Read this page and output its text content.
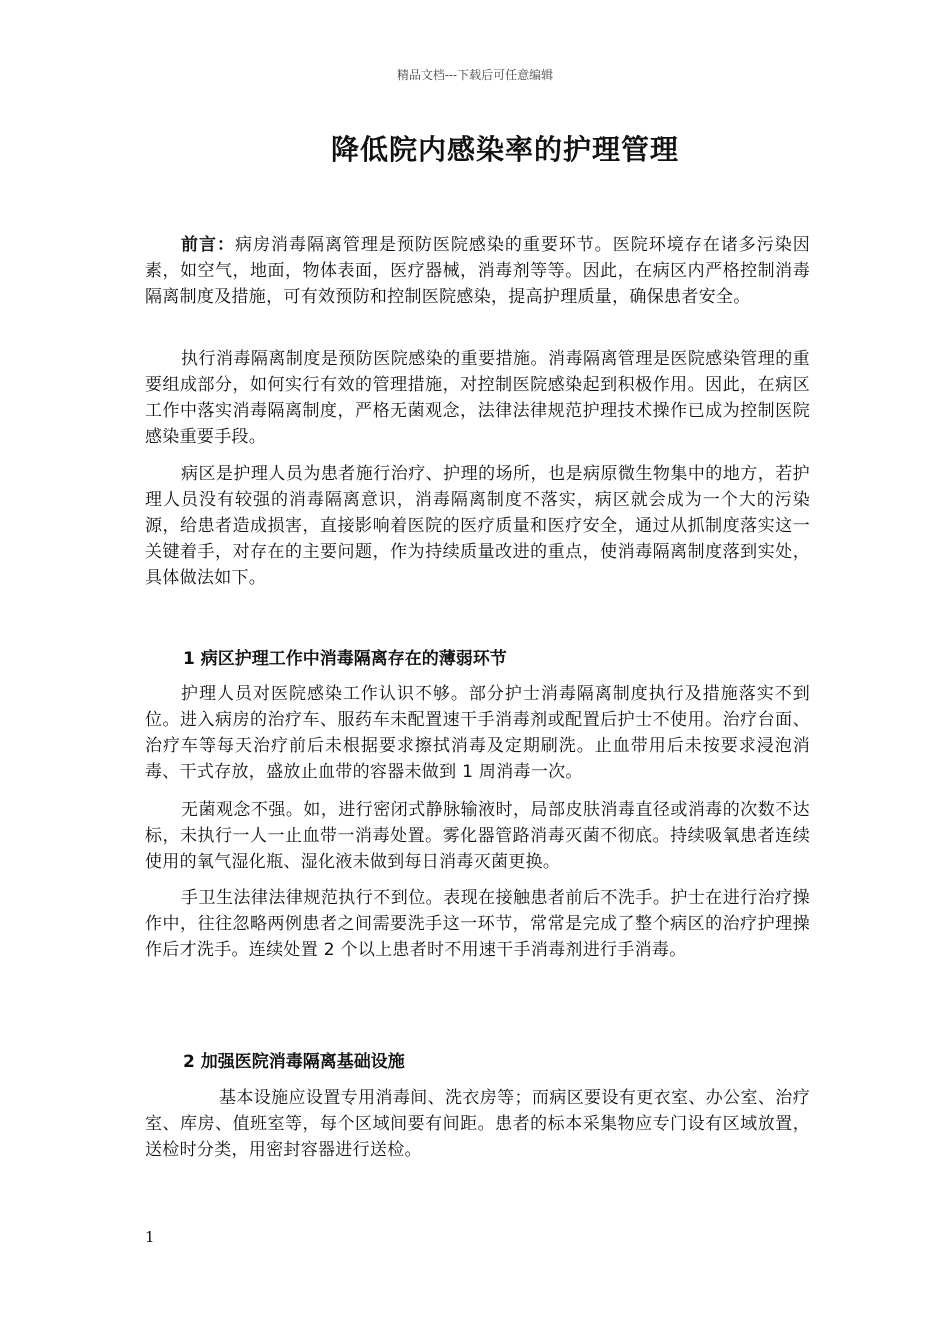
精品文档---下载后可任意编辑
降低院内感染率的护理管理

前言：病房消毒隔离管理是预防医院感染的重要环节。医院环境存在诸多污染因素，如空气，地面，物体表面，医疗器械，消毒剂等等。因此，在病区内严格控制消毒隔离制度及措施，可有效预防和控制医院感染，提高护理质量，确保患者安全。

执行消毒隔离制度是预防医院感染的重要措施。消毒隔离管理是医院感染管理的重要组成部分，如何实行有效的管理措施，对控制医院感染起到积极作用。因此，在病区工作中落实消毒隔离制度，严格无菌观念，法律法律规范护理技术操作已成为控制医院感染重要手段。

病区是护理人员为患者施行治疗、护理的场所，也是病原微生物集中的地方，若护理人员没有较强的消毒隔离意识，消毒隔离制度不落实，病区就会成为一个大的污染源，给患者造成损害，直接影响着医院的医疗质量和医疗安全，通过从抓制度落实这一关键着手，对存在的主要问题，作为持续质量改进的重点，使消毒隔离制度落到实处，具体做法如下。

1 病区护理工作中消毒隔离存在的薄弱环节

护理人员对医院感染工作认识不够。部分护士消毒隔离制度执行及措施落实不到位。进入病房的治疗车、服药车未配置速干手消毒剂或配置后护士不使用。治疗台面、治疗车等每天治疗前后未根据要求擦拭消毒及定期刷洗。止血带用后未按要求浸泡消毒、干式存放，盛放止血带的容器未做到 1 周消毒一次。

无菌观念不强。如，进行密闭式静脉输液时，局部皮肤消毒直径或消毒的次数不达标，未执行一人一止血带一消毒处置。雾化器管路消毒灭菌不彻底。持续吸氧患者连续使用的氧气湿化瓶、湿化液未做到每日消毒灭菌更换。

手卫生法律法律规范执行不到位。表现在接触患者前后不洗手。护士在进行治疗操作中，往往忽略两例患者之间需要洗手这一环节，常常是完成了整个病区的治疗护理操作后才洗手。连续处置 2 个以上患者时不用速干手消毒剂进行手消毒。

2 加强医院消毒隔离基础设施

基本设施应设置专用消毒间、洗衣房等；而病区要设有更衣室、办公室、治疗室、库房、值班室等，每个区域间要有间距。患者的标本采集物应专门设有区域放置，送检时分类，用密封容器进行送检。

1
